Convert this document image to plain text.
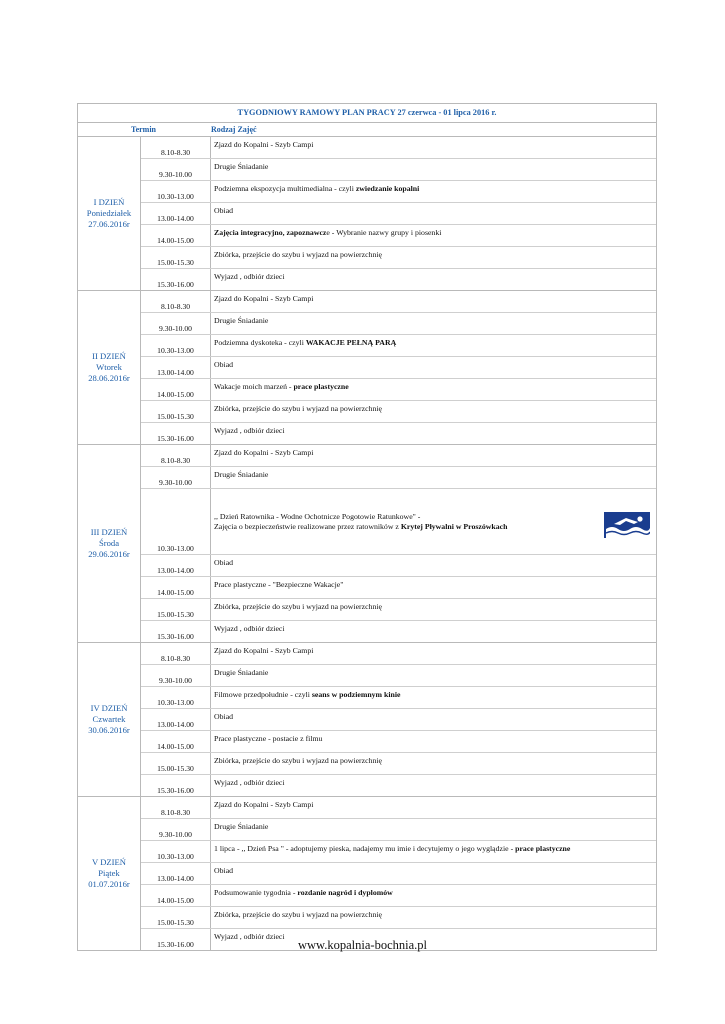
TYGODNIOWY RAMOWY PLAN PRACY 27 czerwca - 01 lipca 2016 r.
Termin	Rodzaj Zajęć
I DZIEŃ
Poniedziałek
27.06.2016r
8.10-8.30
Zjazd do Kopalni - Szyb Campi
9.30-10.00
Drugie Śniadanie
10.30-13.00
Podziemna ekspozycja multimedialna - czyli zwiedzanie kopalni
13.00-14.00
Obiad
14.00-15.00
Zajęcia integracyjno, zapoznawcze - Wybranie nazwy grupy i piosenki
15.00-15.30
Zbiórka, przejście do szybu i wyjazd na powierzchnię
15.30-16.00
Wyjazd , odbiór dzieci
II DZIEŃ
Wtorek
28.06.2016r
8.10-8.30
Zjazd do Kopalni - Szyb Campi
9.30-10.00
Drugie Śniadanie
10.30-13.00
Podziemna dyskoteka - czyli WAKACJE PEŁNĄ PARĄ
13.00-14.00
Obiad
14.00-15.00
Wakacje moich marzeń - prace plastyczne
15.00-15.30
Zbiórka, przejście do szybu i wyjazd na powierzchnię
15.30-16.00
Wyjazd , odbiór dzieci
III DZIEŃ
Środa
29.06.2016r
8.10-8.30
Zjazd do Kopalni - Szyb Campi
9.30-10.00
Drugie Śniadanie
10.30-13.00
,, Dzień Ratownika - Wodne Ochotnicze Pogotowie Ratunkowe" -
Zajęcia o bezpieczeństwie realizowane przez ratowników z Krytej Pływalni w Proszówkach
13.00-14.00
Obiad
14.00-15.00
Prace plastyczne - "Bezpieczne Wakacje"
15.00-15.30
Zbiórka, przejście do szybu i wyjazd na powierzchnię
15.30-16.00
Wyjazd , odbiór dzieci
IV DZIEŃ
Czwartek
30.06.2016r
8.10-8.30
Zjazd do Kopalni - Szyb Campi
9.30-10.00
Drugie Śniadanie
10.30-13.00
Filmowe przedpołudnie - czyli seans w podziemnym kinie
13.00-14.00
Obiad
14.00-15.00
Prace plastyczne - postacie z filmu
15.00-15.30
Zbiórka, przejście do szybu i wyjazd na powierzchnię
15.30-16.00
Wyjazd , odbiór dzieci
V DZIEŃ
Piątek
01.07.2016r
8.10-8.30
Zjazd do Kopalni - Szyb Campi
9.30-10.00
Drugie Śniadanie
10.30-13.00
1 lipca - ,, Dzień Psa " - adoptujemy pieska, nadajemy mu imie i decytujemy o jego wyglądzie - prace plastyczne
13.00-14.00
Obiad
14.00-15.00
Podsumowanie tygodnia - rozdanie nagród i dyplomów
15.00-15.30
Zbiórka, przejście do szybu i wyjazd na powierzchnię
15.30-16.00
Wyjazd , odbiór dzieci
www.kopalnia-bochnia.pl
